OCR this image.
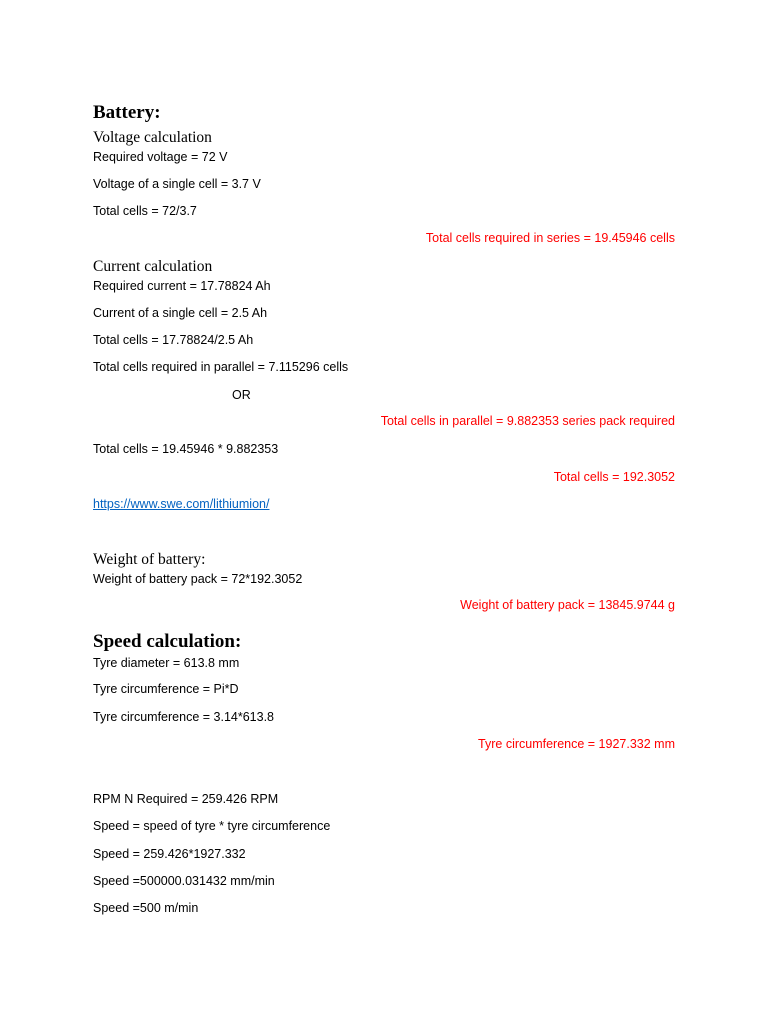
Battery:
Voltage calculation
Required voltage = 72 V
Voltage of a single cell = 3.7 V
Total cells = 72/3.7
Total cells required in series = 19.45946 cells
Current calculation
Required current = 17.78824 Ah
Current of a single cell = 2.5 Ah
Total cells = 17.78824/2.5 Ah
Total cells required in parallel = 7.115296 cells
OR
Total cells in parallel = 9.882353 series pack required
Total cells = 19.45946 * 9.882353
Total cells = 192.3052
https://www.swe.com/lithiumion/
Weight of battery:
Weight of battery pack = 72*192.3052
Weight of battery pack = 13845.9744 g
Speed calculation:
Tyre diameter = 613.8 mm
Tyre circumference = Pi*D
Tyre circumference = 3.14*613.8
Tyre circumference = 1927.332 mm
RPM N Required = 259.426 RPM
Speed = speed of tyre * tyre circumference
Speed = 259.426*1927.332
Speed =500000.031432 mm/min
Speed =500 m/min
